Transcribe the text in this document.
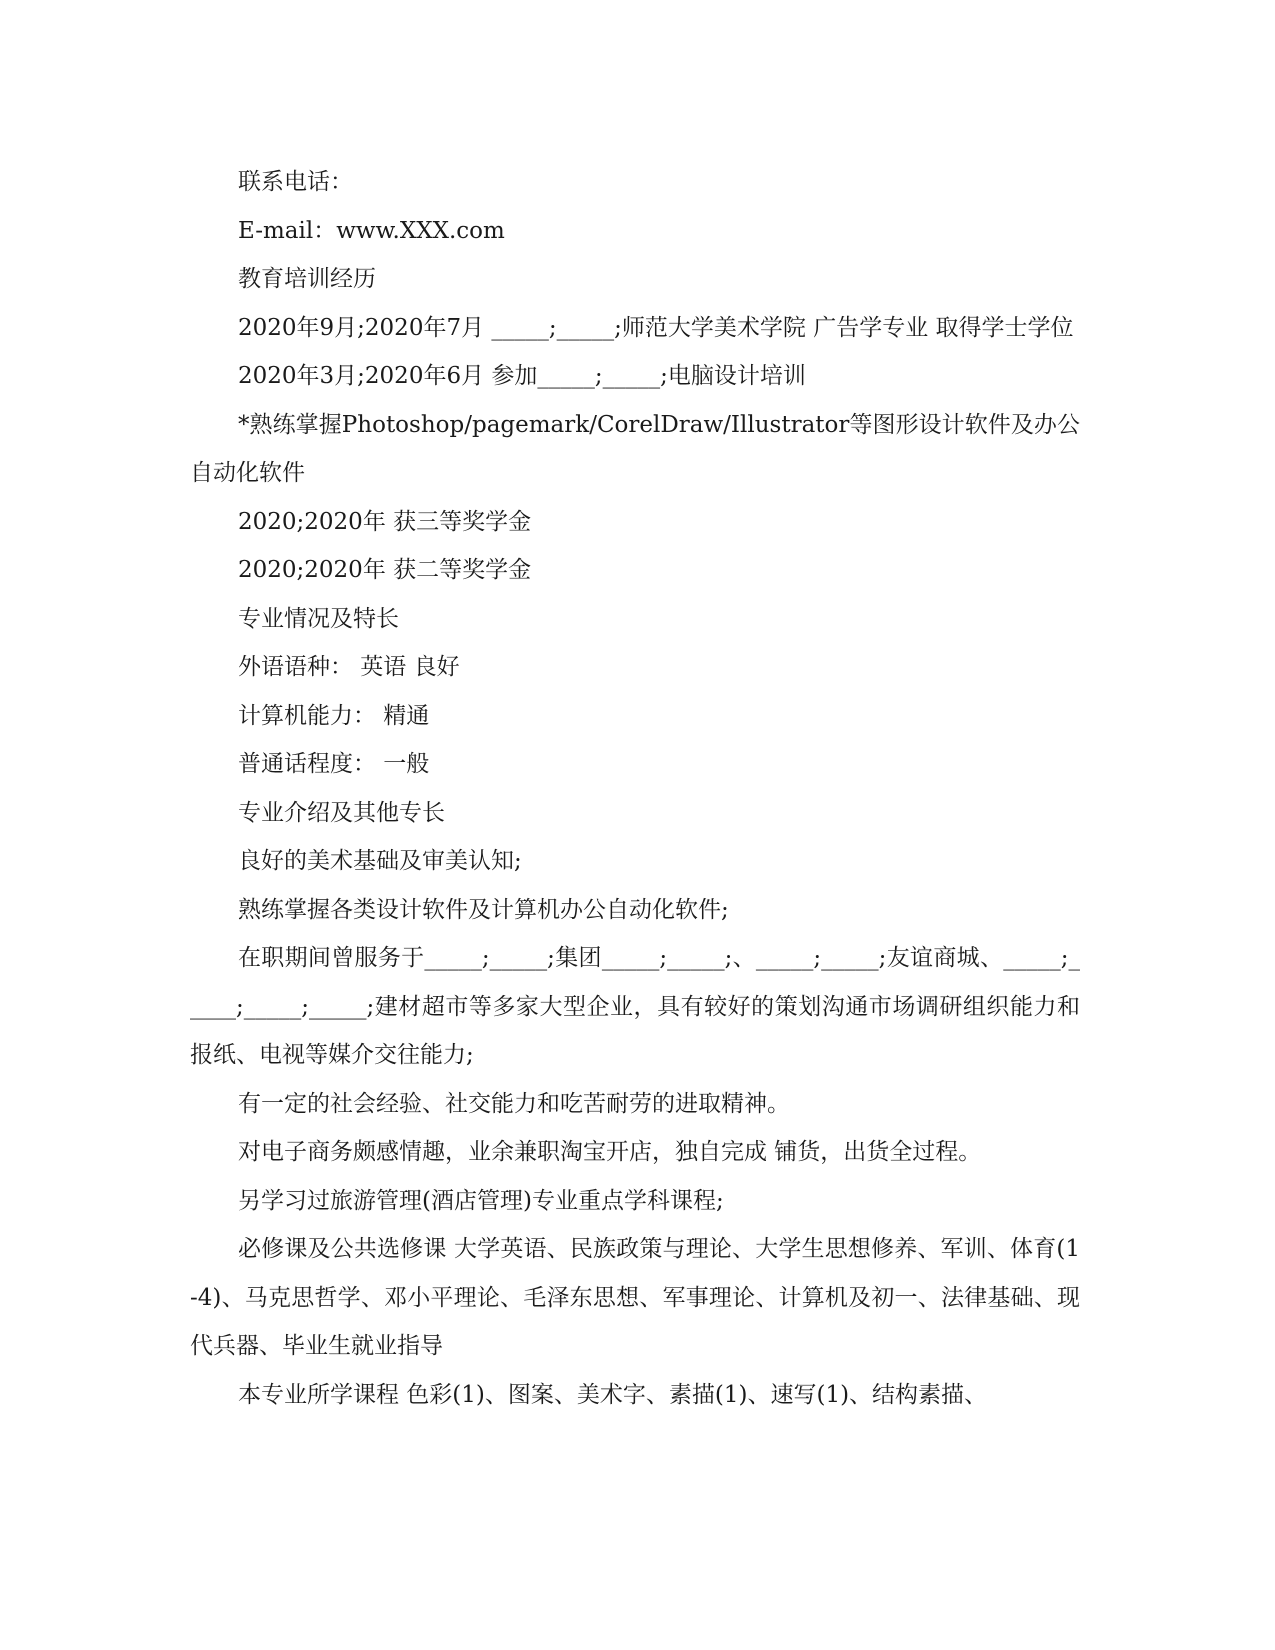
联系电话：

E-mail：www.XXX.com

教育培训经历

2020年9月;2020年7月 _____;_____;师范大学美术学院 广告学专业 取得学士学位

2020年3月;2020年6月 参加_____;_____;电脑设计培训

*熟练掌握Photoshop/pagemark/CorelDraw/Illustrator等图形设计软件及办公自动化软件

2020;2020年 获三等奖学金

2020;2020年 获二等奖学金

专业情况及特长

外语语种： 英语 良好

计算机能力： 精通

普通话程度： 一般

专业介绍及其他专长

良好的美术基础及审美认知;

熟练掌握各类设计软件及计算机办公自动化软件;

在职期间曾服务于_____;_____;集团_____;_____;、_____;_____;友谊商城、_____;_____;_____;_____;建材超市等多家大型企业，具有较好的策划沟通市场调研组织能力和报纸、电视等媒介交往能力;

有一定的社会经验、社交能力和吃苦耐劳的进取精神。

对电子商务颇感情趣，业余兼职淘宝开店，独自完成 铺货，出货全过程。

另学习过旅游管理(酒店管理)专业重点学科课程;

必修课及公共选修课 大学英语、民族政策与理论、大学生思想修养、军训、体育(1-4)、马克思哲学、邓小平理论、毛泽东思想、军事理论、计算机及初一、法律基础、现代兵器、毕业生就业指导

本专业所学课程 色彩(1)、图案、美术字、素描(1)、速写(1)、结构素描、
